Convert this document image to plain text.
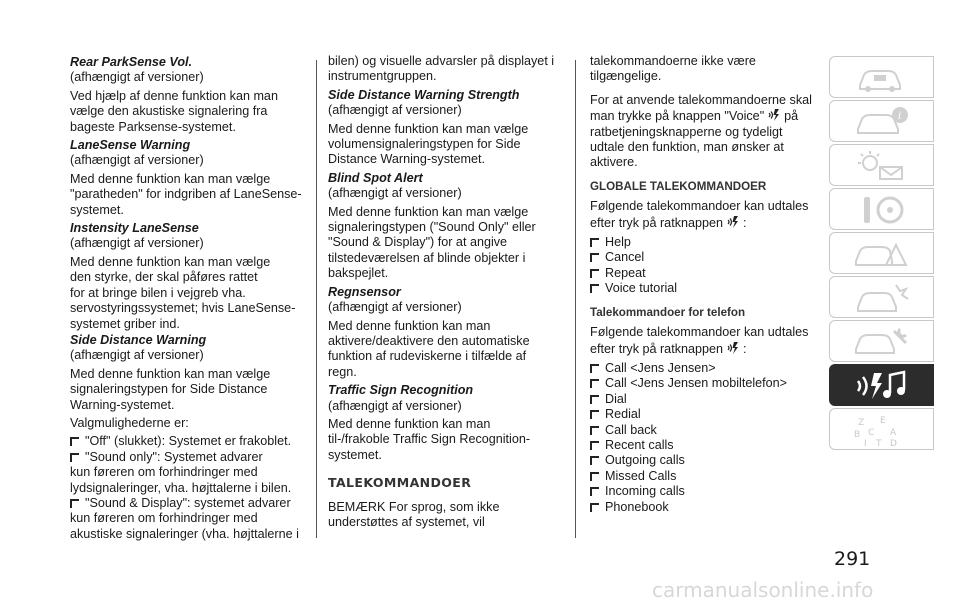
Rear ParkSense Vol.
(afhængigt af versioner)
Ved hjælp af denne funktion kan man
vælge den akustiske signalering fra
bageste Parksense-systemet.
LaneSense Warning
(afhængigt af versioner)
Med denne funktion kan man vælge
"paratheden" for indgriben af LaneSense-
systemet.
Instensity LaneSense
(afhængigt af versioner)
Med denne funktion kan man vælge
den styrke, der skal påføres rattet
for at bringe bilen i vejgreb vha.
servostyringssystemet; hvis LaneSense-
systemet griber ind.
Side Distance Warning
(afhængigt af versioner)
Med denne funktion kan man vælge
signaleringstypen for Side Distance
Warning-systemet.
Valgmulighederne er:
"Off" (slukket): Systemet er frakoblet.
"Sound only": Systemet advarer
kun føreren om forhindringer med
lydsignaleringer, vha. højttalerne i bilen.
"Sound & Display": systemet advarer
kun føreren om forhindringer med
akustiske signaleringer (vha. højttalerne i
bilen) og visuelle advarsler på displayet i
instrumentgruppen.
Side Distance Warning Strength
(afhængigt af versioner)
Med denne funktion kan man vælge
volumensignaleringstypen for Side
Distance Warning-systemet.
Blind Spot Alert
(afhængigt af versioner)
Med denne funktion kan man vælge
signaleringstypen ("Sound Only" eller
"Sound & Display") for at angive
tilstedeværelsen af blinde objekter i
bakspejlet.
Regnsensor
(afhængigt af versioner)
Med denne funktion kan man
aktivere/deaktivere den automatiske
funktion af rudeviskerne i tilfælde af
regn.
Traffic Sign Recognition
(afhængigt af versioner)
Med denne funktion kan man
til-/frakoble Traffic Sign Recognition-
systemet.
TALEKOMMANDOER
BEMÆRK For sprog, som ikke
understøttes af systemet, vil
talekommandoerne ikke være
tilgængelige.
For at anvende talekommandoerne skal
man trykke på knappen "Voice" på
ratbetjeningsknapperne og tydeligt
udtale den funktion, man ønsker at
aktivere.
GLOBALE TALEKOMMANDOER
Følgende talekommandoer kan udtales
efter tryk på ratknappen :
Help
Cancel
Repeat
Voice tutorial
Talekommandoer for telefon
Følgende talekommandoer kan udtales
efter tryk på ratknappen :
Call <Jens Jensen>
Call <Jens Jensen mobiltelefon>
Dial
Redial
Call back
Recent calls
Outgoing calls
Missed Calls
Incoming calls
Phonebook
i
Z E
B C A
I T D
291
carmanualsonline.info
